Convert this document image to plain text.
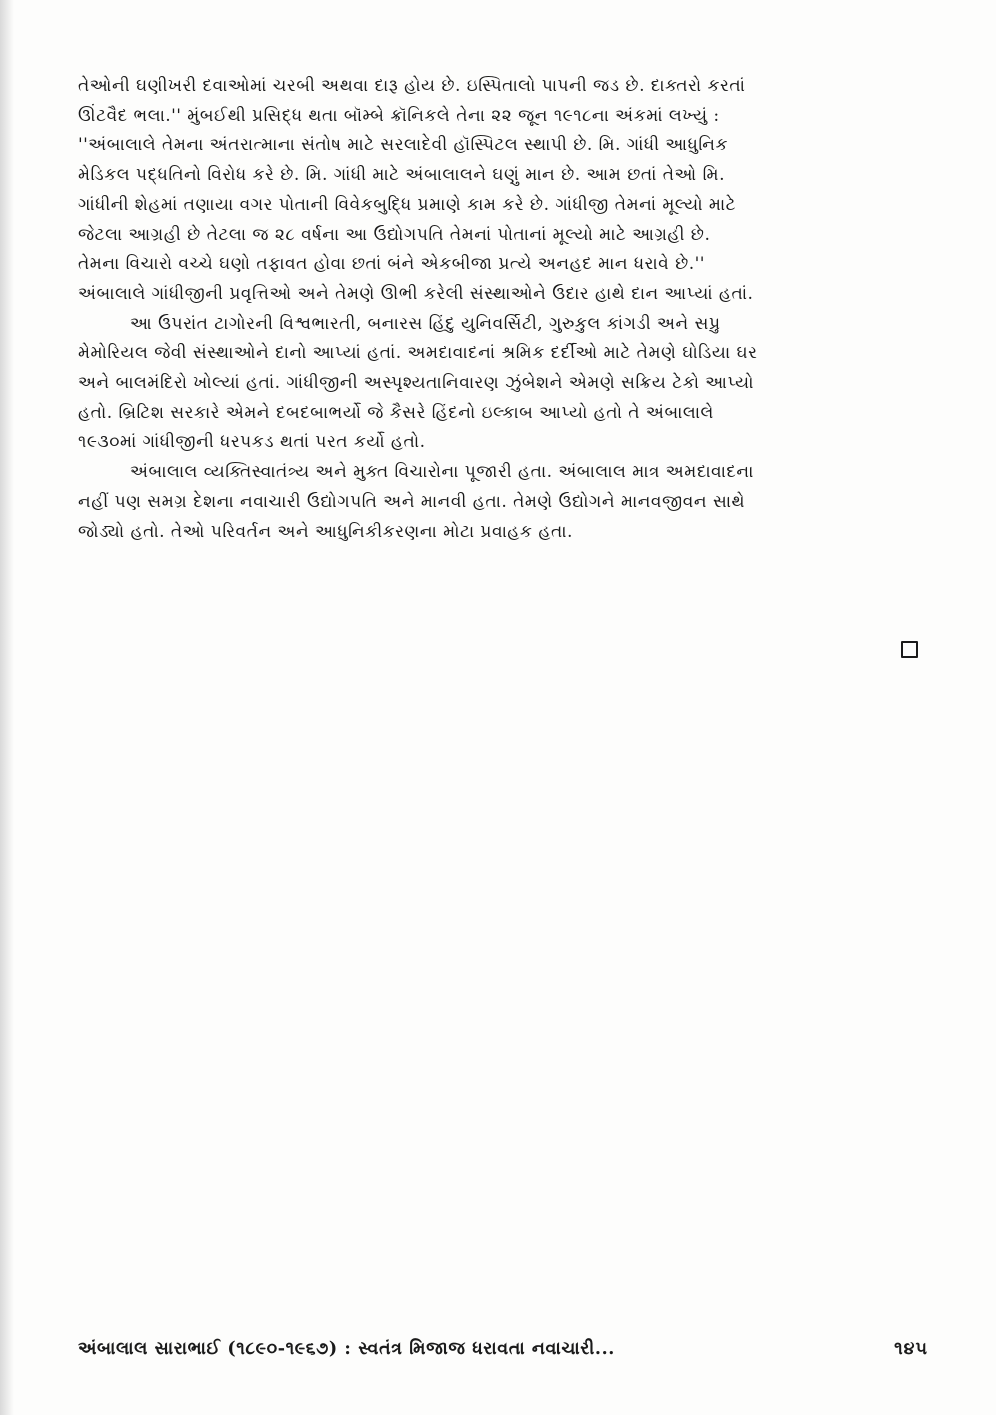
તેઓની ઘણીખરી દવાઓમાં ચરબી અથવા દારૂ હોય છે. ઇસ્પિતાલો પાપની જડ છે. દાક્તરો કરતાં
ઊંટવૈદ ભલા.'' મુંબઈથી પ્રસિદ્ધ થતા બૉમ્બે ક્રૉનિકલે તેના ૨૨ જૂન ૧૯૧૮ના અંકમાં લખ્યું :
''અંબાલાલે તેમના અંતરાત્માના સંતોષ માટે સરલાદેવી હૉસ્પિટલ સ્થાપી છે. મિ. ગાંધી આધુનિક
મેડિકલ પદ્ધતિનો વિરોધ કરે છે. મિ. ગાંધી માટે અંબાલાલને ઘણું માન છે. આમ છતાં તેઓ મિ.
ગાંધીની શેહમાં તણાયા વગર પોતાની વિવેકબુદ્ધિ પ્રમાણે કામ કરે છે. ગાંધીજી તેમનાં મૂલ્યો માટે
જેટલા આગ્રહી છે તેટલા જ ૨૮ વર્ષના આ ઉદ્યોગપતિ તેમનાં પોતાનાં મૂલ્યો માટે આગ્રહી છે.
તેમના વિચારો વચ્ચે ઘણો તફાવત હોવા છતાં બંને એકબીજા પ્રત્યે અનહદ માન ધરાવે છે.''
અંબાલાલે ગાંધીજીની પ્રવૃત્તિઓ અને તેમણે ઊભી કરેલી સંસ્થાઓને ઉદાર હાથે દાન આપ્યાં હતાં.
આ ઉપરાંત ટાગોરની વિશ્વભારતી, બનારસ હિંદુ યુનિવર્સિટી, ગુરુકુલ કાંગડી અને સપ્રુ
મેમોરિયલ જેવી સંસ્થાઓને દાનો આપ્યાં હતાં. અમદાવાદનાં શ્રમિક દર્દીઓ માટે તેમણે ઘોડિયા ઘર
અને બાલમંદિરો ખોલ્યાં હતાં. ગાંધીજીની અસ્પૃશ્યતાનિવારણ ઝુંબેશને એમણે સક્રિય ટેકો આપ્યો
હતો. બ્રિટિશ સરકારે એમને દબદબાભર્યો જે કૈસરે હિંદનો ઇલ્કાબ આપ્યો હતો તે અંબાલાલે
૧૯૩૦માં ગાંધીજીની ધરપકડ થતાં પરત કર્યો હતો.
અંબાલાલ વ્યક્તિસ્વાતંત્ર્ય અને મુક્ત વિચારોના પૂજારી હતા. અંબાલાલ માત્ર અમદાવાદના
નહીં પણ સમગ્ર દેશના નવાચારી ઉદ્યોગપતિ અને માનવી હતા. તેમણે ઉદ્યોગને માનવજીવન સાથે
જોડ્યો હતો. તેઓ પરિવર્તન અને આધુનિકીકરણના મોટા પ્રવાહક હતા.
અંબાલાલ સારાભાઈ (૧૮૯૦-૧૯૬૭) : સ્વતંત્ર મિજાજ ધરાવતા નવાચારી...	૧૪૫
